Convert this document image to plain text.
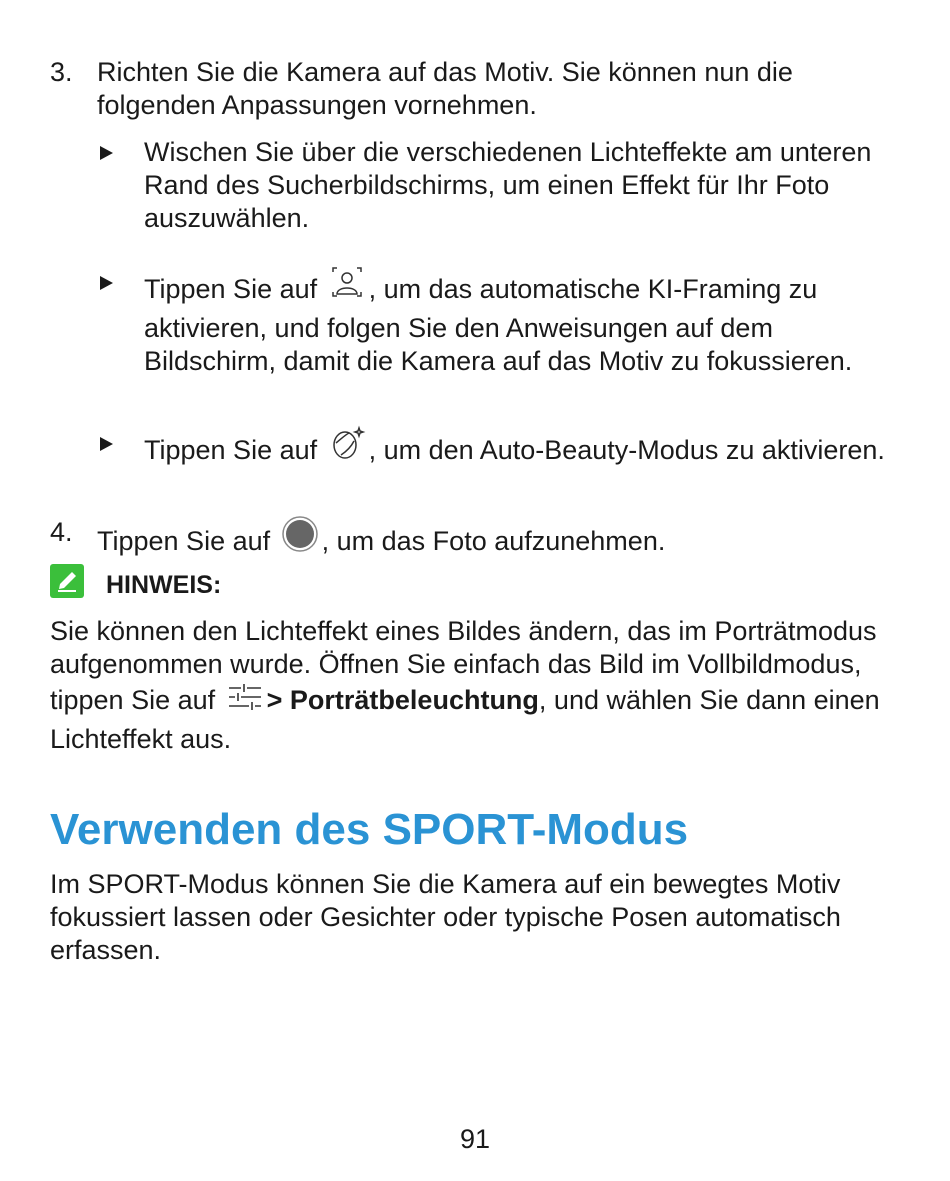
3. Richten Sie die Kamera auf das Motiv. Sie können nun die folgenden Anpassungen vornehmen.
Wischen Sie über die verschiedenen Lichteffekte am unteren Rand des Sucherbildschirms, um einen Effekt für Ihr Foto auszuwählen.
Tippen Sie auf , um das automatische KI-Framing zu aktivieren, und folgen Sie den Anweisungen auf dem Bildschirm, damit die Kamera auf das Motiv zu fokussieren.
Tippen Sie auf , um den Auto-Beauty-Modus zu aktivieren.
4. Tippen Sie auf , um das Foto aufzunehmen.
HINWEIS:
Sie können den Lichteffekt eines Bildes ändern, das im Porträtmodus aufgenommen wurde. Öffnen Sie einfach das Bild im Vollbildmodus, tippen Sie auf > Porträtbeleuchtung, und wählen Sie dann einen Lichteffekt aus.
Verwenden des SPORT-Modus
Im SPORT-Modus können Sie die Kamera auf ein bewegtes Motiv fokussiert lassen oder Gesichter oder typische Posen automatisch erfassen.
91
